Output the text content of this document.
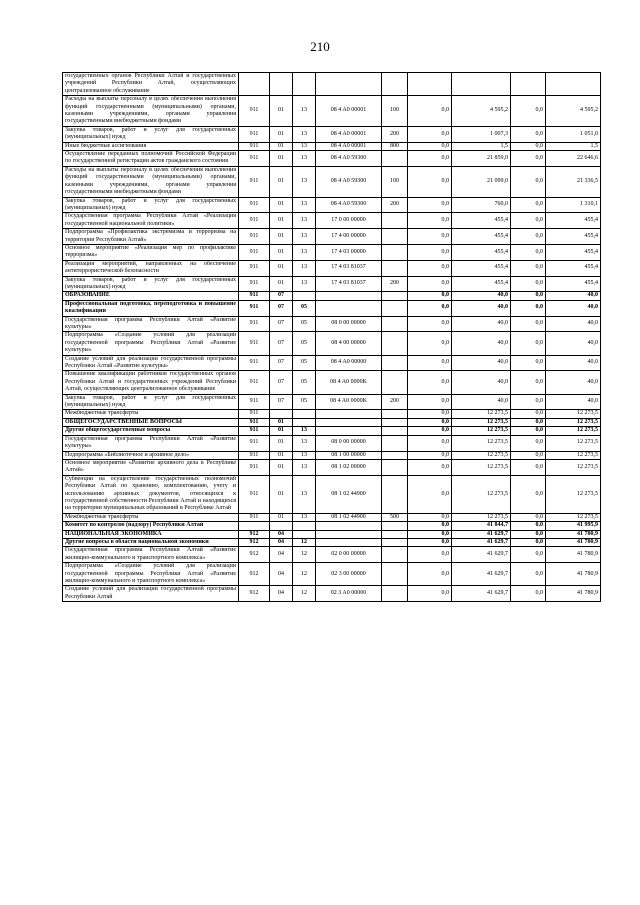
210
государственных органов Республики Алтай и государственных учреждений Республики Алтай, осуществляющих централизованное обслуживание									
Расходы на выплаты персоналу в целях обеспечения выполнения функций государственными (муниципальными) органами, казенными учреждениями, органами управления государственными внебюджетными фондами	911	01	13	08 4 A0 00001	100	0,0	4 595,2	0,0	4 595,2
Закупка товаров, работ и услуг для государственных (муниципальных) нужд	911	01	13	08 4 A0 00001	200	0,0	1 007,3	0,0	1 051,0
Иные бюджетные ассигнования	911	01	13	08 4 A0 00001	800	0,0	1,5	0,0	1,5
Осуществление переданных полномочий Российской Федерации по государственной регистрации актов гражданского состояния	911	01	13	08 4 A0 59300		0,0	21 859,0	0,0	22 646,6
Расходы на выплаты персоналу в целях обеспечения выполнения функций государственными (муниципальными) органами, казенными учреждениями, органами управления государственными внебюджетными фондами	911	01	13	08 4 A0 59300	100	0,0	21 099,0	0,0	21 336,5
Закупка товаров, работ и услуг для государственных (муниципальных) нужд	911	01	13	08 4 A0 59300	200	0,0	760,0	0,0	1 310,1
Государственная программа Республики Алтай «Реализация государственной национальной политики»	911	01	13	17 0 00 00000		0,0	455,4	0,0	455,4
Подпрограмма «Профилактика экстремизма и терроризма на территории Республики Алтай»	911	01	13	17 4 00 00000		0,0	455,4	0,0	455,4
Основное мероприятие «Реализация мер по профилактике терроризма»	911	01	13	17 4 03 00000		0,0	455,4	0,0	455,4
Реализация мероприятий, направленных на обеспечение антитеррористической безопасности	911	01	13	17 4 03 81037		0,0	455,4	0,0	455,4
Закупка товаров, работ и услуг для государственных (муниципальных) нужд	911	01	13	17 4 03 81037	200	0,0	455,4	0,0	455,4
ОБРАЗОВАНИЕ	911	07				0,0	40,0	0,0	40,0
Профессиональная подготовка, переподготовка и повышение квалификации	911	07	05			0,0	40,0	0,0	40,0
Государственная программа Республики Алтай «Развитие культуры»	911	07	05	08 0 00 00000		0,0	40,0	0,0	40,0
Подпрограмма «Создание условий для реализации государственной программы Республики Алтай «Развитие культуры»	911	07	05	08 4 00 00000		0,0	40,0	0,0	40,0
Создание условий для реализации государственной программы Республики Алтай «Развитие культуры»	911	07	05	08 4 A0 00000		0,0	40,0	0,0	40,0
Повышение квалификации работников государственных органов Республики Алтай и государственных учреждений Республики Алтай, осуществляющих централизованное обслуживание	911	07	05	08 4 A0 0000K		0,0	40,0	0,0	40,0
Закупка товаров, работ и услуг для государственных (муниципальных) нужд	911	07	05	08 4 A0 0000K	200	0,0	40,0	0,0	40,0
Межбюджетные трансферты	911					0,0	12 273,5	0,0	12 273,5
ОБЩЕГОСУДАРСТВЕННЫЕ ВОПРОСЫ	911	01				0,0	12 273,5	0,0	12 273,5
Другие общегосударственные вопросы	911	01	13			0,0	12 273,5	0,0	12 273,5
Государственная программа Республики Алтай «Развитие культуры»	911	01	13	08 0 00 00000		0,0	12 273,5	0,0	12 273,5
Подпрограмма «Библиотечное и архивное дело»	911	01	13	08 1 00 00000		0,0	12 273,5	0,0	12 273,5
Основное мероприятие «Развитие архивного дела в Республике Алтай»	911	01	13	08 1 02 00000		0,0	12 273,5	0,0	12 273,5
Субвенции на осуществление государственных полномочий Республики Алтай по хранению, комплектованию, учету и использованию архивных документов, относящихся к государственной собственности Республики Алтай и находящихся на территории муниципальных образований в Республике Алтай	911	01	13	08 1 02 44900		0,0	12 273,5	0,0	12 273,5
Межбюджетные трансферты	911	01	13	08 1 02 44900	500	0,0	12 273,5	0,0	12 273,5
Комитет по контролю (надзору) Республики Алтай						0,0	41 844,7	0,0	41 995,9
НАЦИОНАЛЬНАЯ ЭКОНОМИКА	912	04				0,0	41 629,7	0,0	41 780,9
Другие вопросы в области национальной экономики	912	04	12			0,0	41 629,7	0,0	41 780,9
Государственная программа Республики Алтай «Развитие жилищно-коммунального и транспортного комплекса»	912	04	12	02 0 00 00000		0,0	41 629,7	0,0	41 780,9
Подпрограмма «Создание условий для реализации государственной программы Республики Алтай «Развитие жилищно-коммунального и транспортного комплекса»	912	04	12	02 3 00 00000		0,0	41 629,7	0,0	41 780,9
Создание условий для реализации государственной программы Республики Алтай	912	04	12	02 3 A0 00000		0,0	41 629,7	0,0	41 780,9
